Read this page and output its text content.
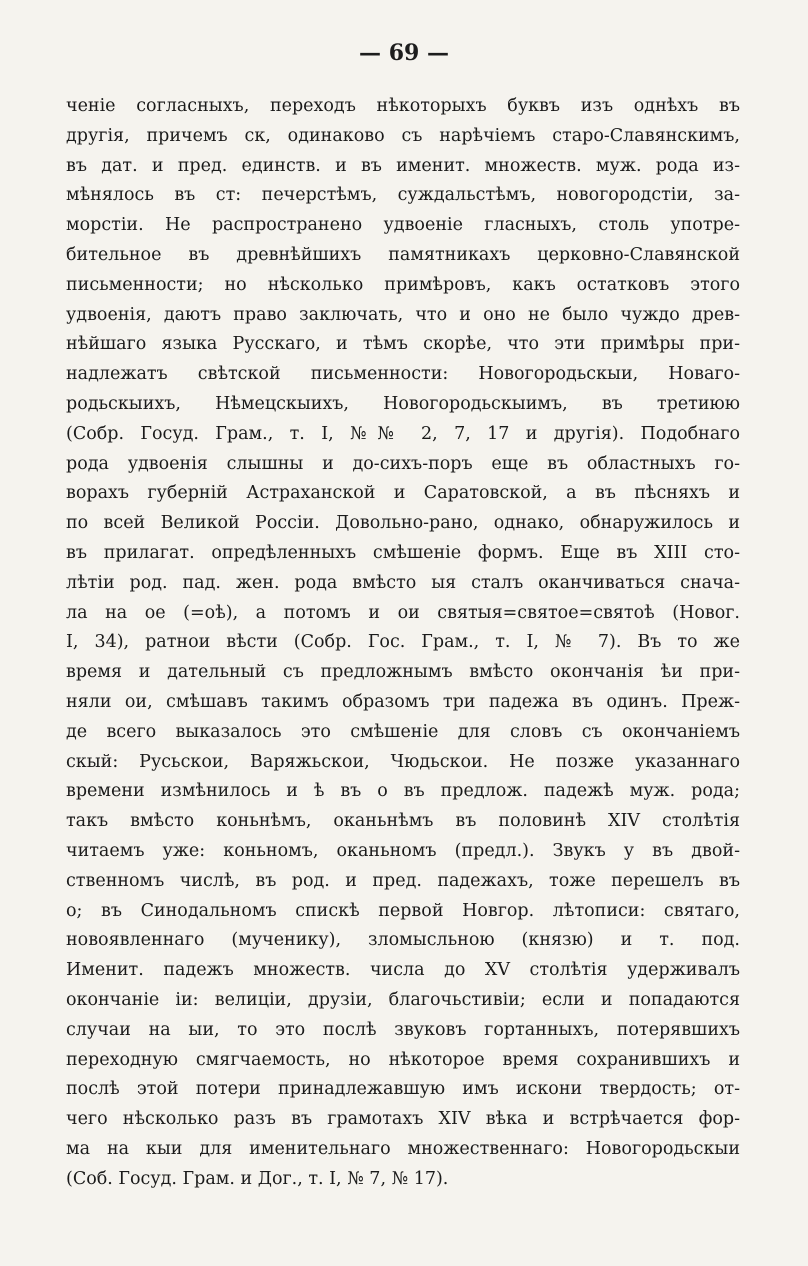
— 69 —
ченіе согласныхъ, переходъ нѣкоторыхъ буквъ изъ однѣхъ въ
другія, причемъ ск, одинаково съ нарѣчіемъ старо-Славянскимъ,
въ дат. и пред. единств. и въ именит. множеств. муж. рода из-
мѣнялось въ ст: печерстѣмъ, суждальстѣмъ, новогородстіи, за-
морстіи. Не распространено удвоеніе гласныхъ, столь употре-
бительное въ древнѣйшихъ памятникахъ церковно-Славянской
письменности; но нѣсколько примѣровъ, какъ остатковъ этого
удвоенія, даютъ право заключать, что и оно не было чуждо древ-
нѣйшаго языка Русскаго, и тѣмъ скорѣе, что эти примѣры при-
надлежатъ свѣтской письменности: Новогородьскыи, Новаго-
родьскыихъ, Нѣмецскыихъ, Новогородьскыимъ, въ третиюю
(Собр. Госуд. Грам., т. I, №№ 2, 7, 17 и другія). Подобнаго
рода удвоенія слышны и до-сихъ-поръ еще въ областныхъ го-
ворахъ губерній Астраханской и Саратовской, а въ пѣсняхъ и
по всей Великой Россіи. Довольно-рано, однако, обнаружилось и
въ прилагат. опредѣленныхъ смѣшеніе формъ. Еще въ XIII сто-
лѣтіи род. пад. жен. рода вмѣсто ыя сталъ оканчиваться снача-
ла на ое (=оѣ), а потомъ и ои святыя=святое=святоѣ (Новог.
I, 34), ратнои вѣсти (Собр. Гос. Грам., т. I, № 7). Въ то же
время и дательный съ предложнымъ вмѣсто окончанія ѣи при-
няли ои, смѣшавъ такимъ образомъ три падежа въ одинъ. Преж-
де всего выказалось это смѣшеніе для словъ съ окончаніемъ
скый: Русьскои, Варяжьскои, Чюдьскои. Не позже указаннаго
времени измѣнилось и ѣ въ о въ предлож. падежѣ муж. рода;
такъ вмѣсто коньнѣмъ, оканьнѣмъ въ половинѣ XIV столѣтія
читаемъ уже: коньномъ, оканьномъ (предл.). Звукъ у въ двой-
ственномъ числѣ, въ род. и пред. падежахъ, тоже перешелъ въ
о; въ Синодальномъ спискѣ первой Новгор. лѣтописи: святаго,
новоявленнаго (мученику), зломысльною (князю) и т. под.
Именит. падежъ множеств. числа до XV столѣтія удерживалъ
окончаніе іи: велицiи, друзіи, благочьстивіи; если и попадаются
случаи на ыи, то это послѣ звуковъ гортанныхъ, потерявшихъ
переходную смягчаемость, но нѣкоторое время сохранившихъ и
послѣ этой потери принадлежавшую имъ искони твердость; от-
чего нѣсколько разъ въ грамотахъ XIV вѣка и встрѣчается фор-
ма на кыи для именительнаго множественнаго: Новогородьскыи
(Соб. Госуд. Грам. и Дог., т. I, № 7, № 17).
